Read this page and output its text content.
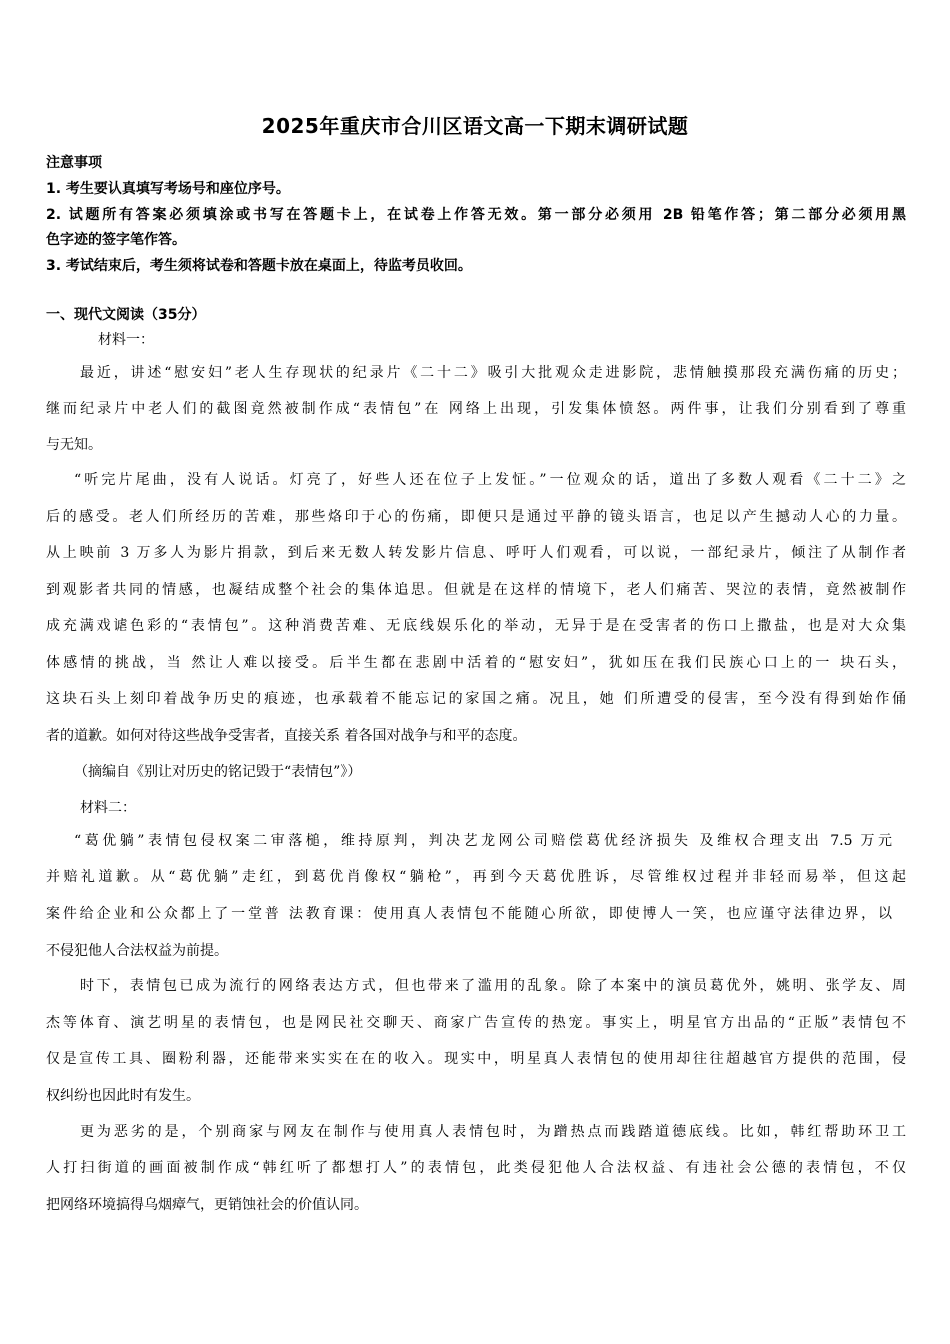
2025年重庆市合川区语文高一下期末调研试题
注意事项
1. 考生要认真填写考场号和座位序号。
2. 试题所有答案必须填涂或书写在答题卡上，在试卷上作答无效。第一部分必须用 2B 铅笔作答；第二部分必须用黑
色字迹的签字笔作答。
3. 考试结束后，考生须将试卷和答题卡放在桌面上，待监考员收回。
一、现代文阅读（35分）
材料一：
最近，讲述“慰安妇”老人生存现状的纪录片《二十二》吸引大批观众走进影院，悲情触摸那段充满伤痛的历史；
继而纪录片中老人们的截图竟然被制作成“表情包”在 网络上出现，引发集体愤怒。两件事，让我们分别看到了尊重
与无知。
“听完片尾曲，没有人说话。灯亮了，好些人还在位子上发怔。”一位观众的话，道出了多数人观看《二十二》之
后的感受。老人们所经历的苦难，那些烙印于心的伤痛，即便只是通过平静的镜头语言，也足以产生撼动人心的力量。
从上映前 3 万多人为影片捐款，到后来无数人转发影片信息、呼吁人们观看，可以说，一部纪录片，倾注了从制作者
到观影者共同的情感，也凝结成整个社会的集体追思。但就是在这样的情境下，老人们痛苦、哭泣的表情，竟然被制作
成充满戏谑色彩的“表情包”。这种消费苦难、无底线娱乐化的举动，无异于是在受害者的伤口上撒盐，也是对大众集
体感情的挑战，当 然让人难以接受。后半生都在悲剧中活着的“慰安妇”，犹如压在我们民族心口上的一 块石头，
这块石头上刻印着战争历史的痕迹，也承载着不能忘记的家国之痛。况且，她 们所遭受的侵害，至今没有得到始作俑
者的道歉。如何对待这些战争受害者，直接关系 着各国对战争与和平的态度。
（摘编自《别让对历史的铭记毁于“表情包”》）
材料二：
“葛优躺”表情包侵权案二审落槌，维持原判，判决艺龙网公司赔偿葛优经济损失 及维权合理支出 7.5 万元
并赔礼道歉。从“葛优躺”走红，到葛优肖像权“躺枪”，再到今天葛优胜诉，尽管维权过程并非轻而易举，但这起
案件给企业和公众都上了一堂普 法教育课：使用真人表情包不能随心所欲，即使博人一笑，也应谨守法律边界，以
不侵犯他人合法权益为前提。
时下，表情包已成为流行的网络表达方式，但也带来了滥用的乱象。除了本案中的演员葛优外，姚明、张学友、周
杰等体育、演艺明星的表情包，也是网民社交聊天、商家广告宣传的热宠。事实上，明星官方出品的“正版”表情包不
仅是宣传工具、圈粉利器，还能带来实实在在的收入。现实中，明星真人表情包的使用却往往超越官方提供的范围，侵
权纠纷也因此时有发生。
更为恶劣的是，个别商家与网友在制作与使用真人表情包时，为蹭热点而践踏道德底线。比如，韩红帮助环卫工
人打扫街道的画面被制作成“韩红听了都想打人”的表情包，此类侵犯他人合法权益、有违社会公德的表情包，不仅
把网络环境搞得乌烟瘴气，更销蚀社会的价值认同。
